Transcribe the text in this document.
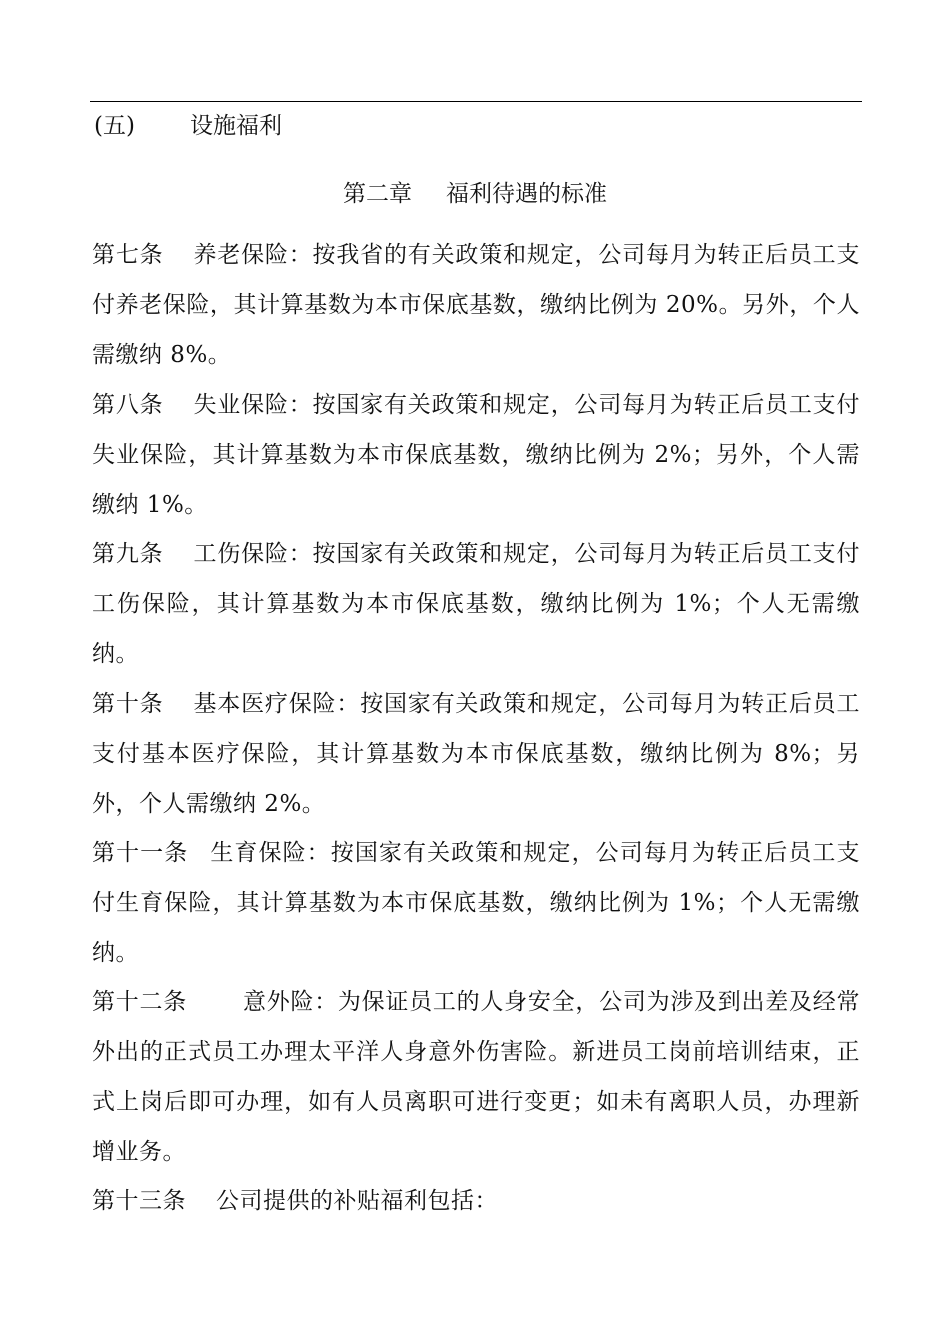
(五) 设施福利
第二章 福利待遇的标准

第七条 养老保险：按我省的有关政策和规定，公司每月为转正后员工支付养老保险，其计算基数为本市保底基数，缴纳比例为 20%。另外，个人需缴纳 8%。

第八条 失业保险：按国家有关政策和规定，公司每月为转正后员工支付失业保险，其计算基数为本市保底基数，缴纳比例为 2%；另外，个人需缴纳 1%。

第九条 工伤保险：按国家有关政策和规定，公司每月为转正后员工支付工伤保险，其计算基数为本市保底基数，缴纳比例为 1%；个人无需缴纳。

第十条 基本医疗保险：按国家有关政策和规定，公司每月为转正后员工支付基本医疗保险，其计算基数为本市保底基数，缴纳比例为 8%；另外，个人需缴纳 2%。

第十一条 生育保险：按国家有关政策和规定，公司每月为转正后员工支付生育保险，其计算基数为本市保底基数，缴纳比例为 1%；个人无需缴纳。

第十二条 意外险：为保证员工的人身安全，公司为涉及到出差及经常外出的正式员工办理太平洋人身意外伤害险。新进员工岗前培训结束，正式上岗后即可办理，如有人员离职可进行变更；如未有离职人员，办理新增业务。

第十三条 公司提供的补贴福利包括：
